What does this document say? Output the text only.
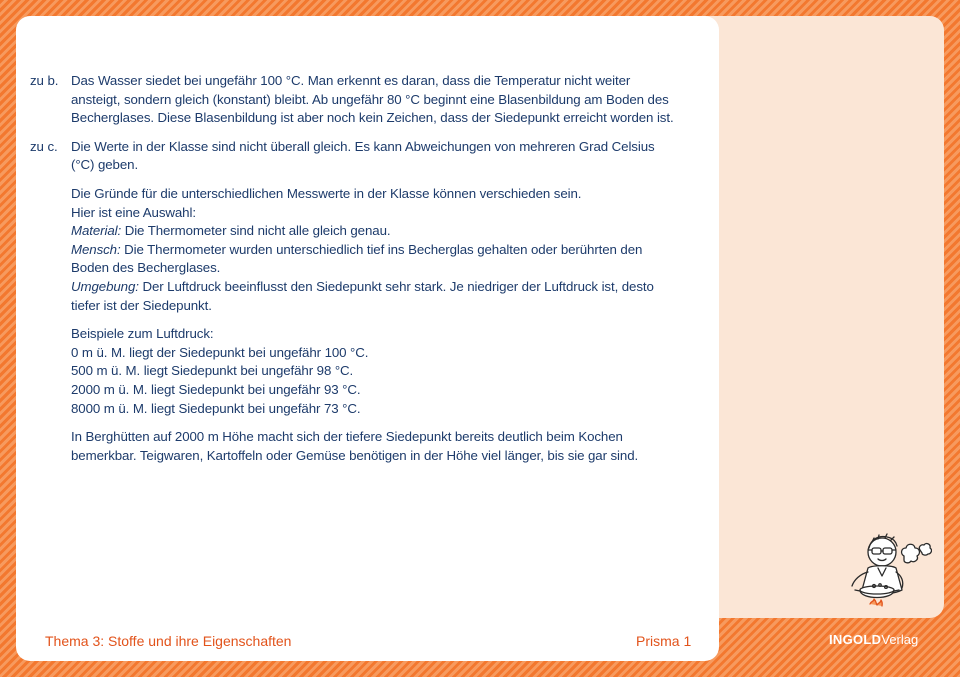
zu b. Das Wasser siedet bei ungefähr 100 °C. Man erkennt es daran, dass die Temperatur nicht weiter ansteigt, sondern gleich (konstant) bleibt. Ab ungefähr 80 °C beginnt eine Blasenbildung am Boden des Becherglases. Diese Blasenbildung ist aber noch kein Zeichen, dass der Siedepunkt erreicht worden ist.
zu c.	Die Werte in der Klasse sind nicht überall gleich. Es kann Abweichungen von mehreren Grad Celsius (°C) geben.

Die Gründe für die unterschiedlichen Messwerte in der Klasse können verschieden sein.

Hier ist eine Auswahl:

Material: Die Thermometer sind nicht alle gleich genau.

Mensch: Die Thermometer wurden unterschiedlich tief ins Becherglas gehalten oder berührten den Boden des Becherglases.

Umgebung: Der Luftdruck beeinflusst den Siedepunkt sehr stark. Je niedriger der Luftdruck ist, desto tiefer ist der Siedepunkt.

Beispiele zum Luftdruck:

0 m ü. M. liegt der Siedepunkt bei ungefähr 100 °C.

500 m ü. M. liegt Siedepunkt bei ungefähr 98 °C.

2000 m ü. M. liegt Siedepunkt bei ungefähr 93 °C.

8000 m ü. M. liegt Siedepunkt bei ungefähr 73 °C.

In Berghütten auf 2000 m Höhe macht sich der tiefere Siedepunkt bereits deutlich beim Kochen bemerkbar. Teigwaren, Kartoffeln oder Gemüse benötigen in der Höhe viel länger, bis sie gar sind.

Thema 3: Stoffe und ihre Eigenschaften	Prisma 1	INGOLDVerlag
